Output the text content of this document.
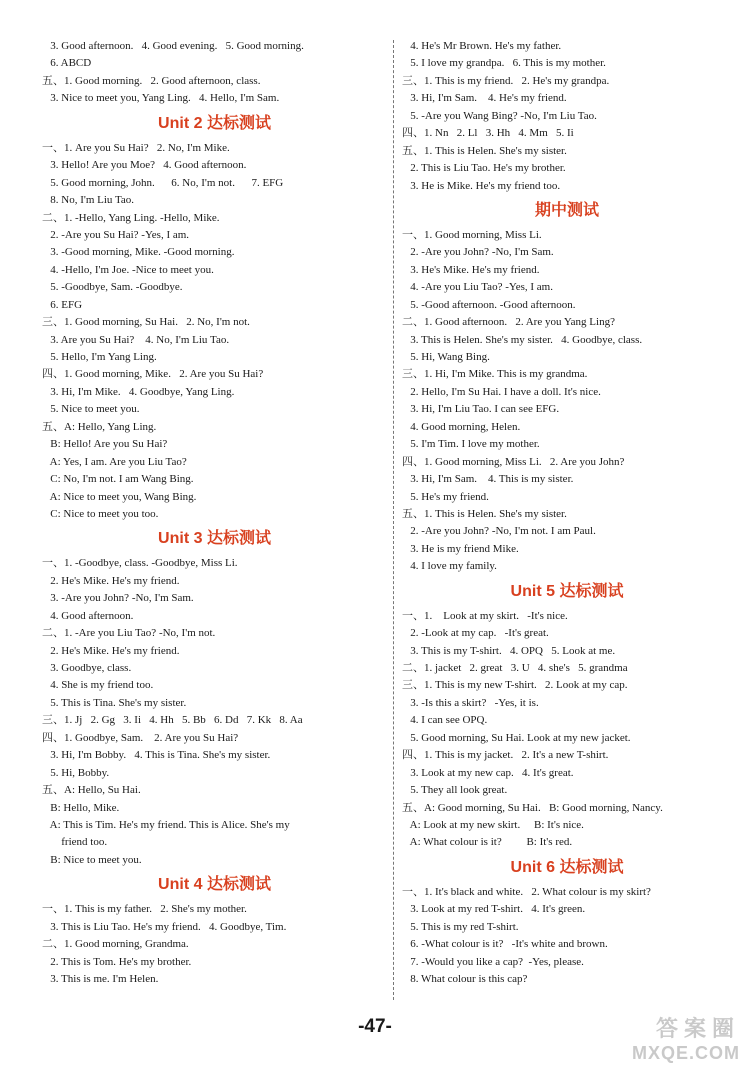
3. Good afternoon.   4. Good evening.   5. Good morning.
6. ABCD
五、1. Good morning.   2. Good afternoon, class.
3. Nice to meet you, Yang Ling.   4. Hello, I'm Sam.
Unit 2 达标测试
一、1. Are you Su Hai?   2. No, I'm Mike.
3. Hello! Are you Moe?   4. Good afternoon.
5. Good morning, John.      6. No, I'm not.      7. EFG
8. No, I'm Liu Tao.
二、1. -Hello, Yang Ling. -Hello, Mike.
2. -Are you Su Hai? -Yes, I am.
3. -Good morning, Mike. -Good morning.
4. -Hello, I'm Joe. -Nice to meet you.
5. -Goodbye, Sam. -Goodbye.
6. EFG
三、1. Good morning, Su Hai.   2. No, I'm not.
3. Are you Su Hai?    4. No, I'm Liu Tao.
5. Hello, I'm Yang Ling.
四、1. Good morning, Mike.   2. Are you Su Hai?
3. Hi, I'm Mike.   4. Goodbye, Yang Ling.
5. Nice to meet you.
五、A: Hello, Yang Ling.
B: Hello! Are you Su Hai?
A: Yes, I am. Are you Liu Tao?
C: No, I'm not. I am Wang Bing.
A: Nice to meet you, Wang Bing.
C: Nice to meet you too.
Unit 3 达标测试
一、1. -Goodbye, class. -Goodbye, Miss Li.
2. He's Mike. He's my friend.
3. -Are you John? -No, I'm Sam.
4. Good afternoon.
二、1. -Are you Liu Tao? -No, I'm not.
2. He's Mike. He's my friend.
3. Goodbye, class.
4. She is my friend too.
5. This is Tina. She's my sister.
三、1. Jj   2. Gg   3. Ii   4. Hh   5. Bb   6. Dd   7. Kk   8. Aa
四、1. Goodbye, Sam.    2. Are you Su Hai?
3. Hi, I'm Bobby.   4. This is Tina. She's my sister.
5. Hi, Bobby.
五、A: Hello, Su Hai.
B: Hello, Mike.
A: This is Tim. He's my friend. This is Alice. She's my
friend too.
B: Nice to meet you.
Unit 4 达标测试
一、1. This is my father.   2. She's my mother.
3. This is Liu Tao. He's my friend.   4. Goodbye, Tim.
二、1. Good morning, Grandma.
2. This is Tom. He's my brother.
3. This is me. I'm Helen.
4. He's Mr Brown. He's my father.
5. I love my grandpa.   6. This is my mother.
三、1. This is my friend.   2. He's my grandpa.
3. Hi, I'm Sam.    4. He's my friend.
5. -Are you Wang Bing? -No, I'm Liu Tao.
四、1. Nn   2. Ll   3. Hh   4. Mm   5. Ii
五、1. This is Helen. She's my sister.
2. This is Liu Tao. He's my brother.
3. He is Mike. He's my friend too.
期中测试
一、1. Good morning, Miss Li.
2. -Are you John? -No, I'm Sam.
3. He's Mike. He's my friend.
4. -Are you Liu Tao? -Yes, I am.
5. -Good afternoon. -Good afternoon.
二、1. Good afternoon.   2. Are you Yang Ling?
3. This is Helen. She's my sister.   4. Goodbye, class.
5. Hi, Wang Bing.
三、1. Hi, I'm Mike. This is my grandma.
2. Hello, I'm Su Hai. I have a doll. It's nice.
3. Hi, I'm Liu Tao. I can see EFG.
4. Good morning, Helen.
5. I'm Tim. I love my mother.
四、1. Good morning, Miss Li.   2. Are you John?
3. Hi, I'm Sam.    4. This is my sister.
5. He's my friend.
五、1. This is Helen. She's my sister.
2. -Are you John? -No, I'm not. I am Paul.
3. He is my friend Mike.
4. I love my family.
Unit 5 达标测试
一、1.    Look at my skirt.   -It's nice.
2. -Look at my cap.   -It's great.
3. This is my T-shirt.   4. OPQ   5. Look at me.
二、1. jacket   2. great   3. U   4. she's   5. grandma
三、1. This is my new T-shirt.   2. Look at my cap.
3. -Is this a skirt?   -Yes, it is.
4. I can see OPQ.
5. Good morning, Su Hai. Look at my new jacket.
四、1. This is my jacket.   2. It's a new T-shirt.
3. Look at my new cap.   4. It's great.
5. They all look great.
五、A: Good morning, Su Hai.   B: Good morning, Nancy.
A: Look at my new skirt.     B: It's nice.
A: What colour is it?         B: It's red.
Unit 6 达标测试
一、1. It's black and white.   2. What colour is my skirt?
3. Look at my red T-shirt.   4. It's green.
5. This is my red T-shirt.
6. -What colour is it?   -It's white and brown.
7. -Would you like a cap?  -Yes, please.
8. What colour is this cap?
-47-	答案圈
MXQE.COM
